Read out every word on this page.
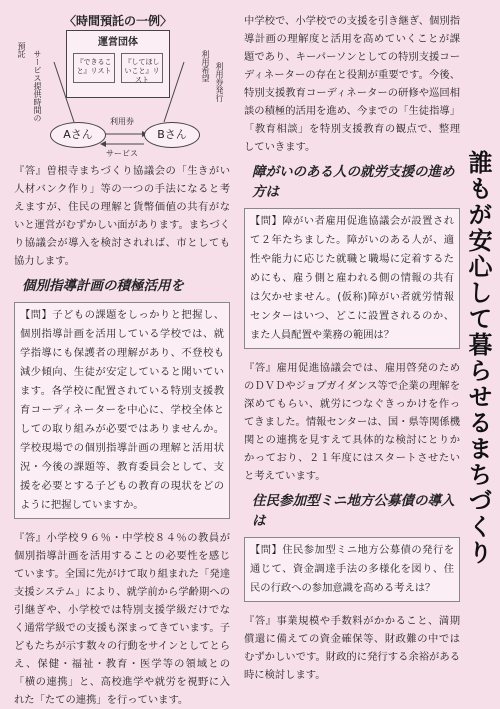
〈時間預託の一例〉
運営団体
『できること』リスト
『してほしいこと』リスト
預託 サービス提供時間の	利用希望 利用券発行
Aさん	Bさん
利用券
サービス

『答』曽根寺まちづくり協議会の「生きがい人材バンク作り」等の一つの手法になると考えますが、住民の理解と貨幣価値の共有がないと運営がむずかしい面があります。まちづくり協議会が導入を検討されれば、市としても協力します。

個別指導計画の積極活用を

【問】子どもの課題をしっかりと把握し、個別指導計画を活用している学校では、就学指導にも保護者の理解があり、不登校も減少傾向、生徒が安定していると聞いています。各学校に配置されている特別支援教育コーディネーターを中心に、学校全体としての取り組みが必要ではありませんか。学校現場での個別指導計画の理解と活用状況・今後の課題等、教育委員会として、支援を必要とする子どもの教育の現状をどのように把握していますか。

『答』小学校９６％・中学校８４％の教員が個別指導計画を活用することの必要性を感じています。全国に先がけて取り組まれた「発達支援システム」により、就学前から学齢期への引継ぎや、小学校では特別支援学級だけでなく通常学級での支援も深まってきています。子どもたちが示す数々の行動をサインとしてとらえ、保健・福祉・教育・医学等の領域との「横の連携」と、高校進学や就労を視野に入れた「たての連携」を行っています。

中学校で、小学校での支援を引き継ぎ、個別指導計画の理解度と活用を高めていくことが課題であり、キーパーソンとしての特別支援コーディネーターの存在と役割が重要です。今後、特別支援教育コーディネーターの研修や巡回相談の積極的活用を進め、今までの「生徒指導」「教育相談」を特別支援教育の観点で、整理していきます。

障がいのある人の就労支援の進め方は

【問】障がい者雇用促進協議会が設置されて２年たちました。障がいのある人が、適性や能力に応じた就職と職場に定着するためにも、雇う側と雇われる側の情報の共有は欠かせません。(仮称)障がい者就労情報センターはいつ、どこに設置されるのか、また人員配置や業務の範囲は？

『答』雇用促進協議会では、雇用啓発のためのＤＶＤやジョブガイダンス等で企業の理解を深めてもらい、就労につなぐきっかけを作ってきました。情報センターは、国・県等関係機関との連携を見すえて具体的な検討にとりかかっており、２１年度にはスタートさせたいと考えています。

住民参加型ミニ地方公募債の導入は

【問】住民参加型ミニ地方公募債の発行を通じて、資金調達手法の多様化を図り、住民の行政への参加意識を高める考えは？

『答』事業規模や手数料がかかること、満期償還に備えての資金確保等、財政難の中ではむずかしいです。財政的に発行する余裕がある時に検討します。

誰もが安心して暮らせるまちづくり
